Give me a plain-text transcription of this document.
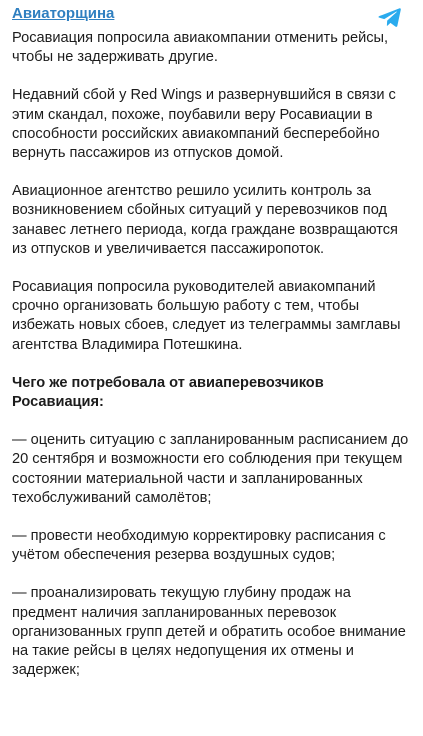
Авиаторщина

Росавиация попросила авиакомпании отменить рейсы, чтобы не задерживать другие.

Недавний сбой у Red Wings и развернувшийся в связи с этим скандал, похоже, поубавили веру Росавиации в способности российских авиакомпаний бесперебойно вернуть пассажиров из отпусков домой.

Авиационное агентство решило усилить контроль за возникновением сбойных ситуаций у перевозчиков под занавес летнего периода, когда граждане возвращаются из отпусков и увеличивается пассажиропоток.

Росавиация попросила руководителей авиакомпаний срочно организовать большую работу с тем, чтобы избежать новых сбоев, следует из телеграммы замглавы агентства Владимира Потешкина.

Чего же потребовала от авиаперевозчиков Росавиация:

— оценить ситуацию с запланированным расписанием до 20 сентября и возможности его соблюдения при текущем состоянии материальной части и запланированных техобслуживаний самолётов;

— провести необходимую корректировку расписания с учётом обеспечения резерва воздушных судов;

— проанализировать текущую глубину продаж на предмент наличия запланированных перевозок организованных групп детей и обратить особое внимание на такие рейсы в целях недопущения их отмены и задержек;
